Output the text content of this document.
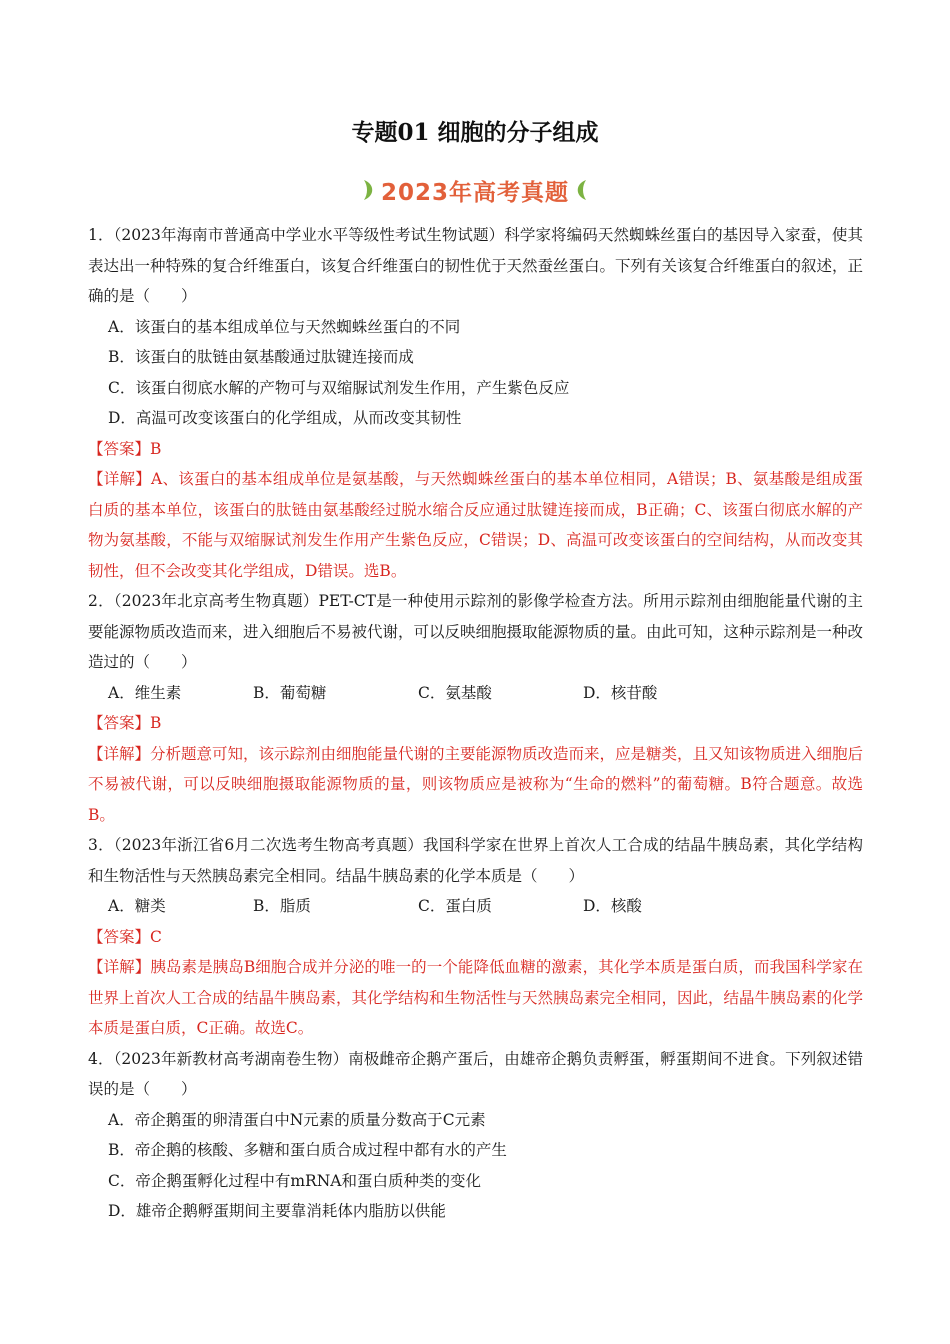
专题01 细胞的分子组成
2023年高考真题

1．（2023年海南市普通高中学业水平等级性考试生物试题）科学家将编码天然蜘蛛丝蛋白的基因导入家蚕，使其表达出一种特殊的复合纤维蛋白，该复合纤维蛋白的韧性优于天然蚕丝蛋白。下列有关该复合纤维蛋白的叙述，正确的是（　　）

A．该蛋白的基本组成单位与天然蜘蛛丝蛋白的不同

B．该蛋白的肽链由氨基酸通过肽键连接而成

C．该蛋白彻底水解的产物可与双缩脲试剂发生作用，产生紫色反应

D．高温可改变该蛋白的化学组成，从而改变其韧性

【答案】B

【详解】A、该蛋白的基本组成单位是氨基酸，与天然蜘蛛丝蛋白的基本单位相同，A错误；B、氨基酸是组成蛋白质的基本单位，该蛋白的肽链由氨基酸经过脱水缩合反应通过肽键连接而成，B正确；C、该蛋白彻底水解的产物为氨基酸，不能与双缩脲试剂发生作用产生紫色反应，C错误；D、高温可改变该蛋白的空间结构，从而改变其韧性，但不会改变其化学组成，D错误。选B。

2．（2023年北京高考生物真题）PET-CT是一种使用示踪剂的影像学检查方法。所用示踪剂由细胞能量代谢的主要能源物质改造而来，进入细胞后不易被代谢，可以反映细胞摄取能源物质的量。由此可知，这种示踪剂是一种改造过的（　　）

A．维生素	B．葡萄糖	C．氨基酸	D．核苷酸

【答案】B

【详解】分析题意可知，该示踪剂由细胞能量代谢的主要能源物质改造而来，应是糖类，且又知该物质进入细胞后不易被代谢，可以反映细胞摄取能源物质的量，则该物质应是被称为“生命的燃料”的葡萄糖。B符合题意。故选B。

3．（2023年浙江省6月二次选考生物高考真题）我国科学家在世界上首次人工合成的结晶牛胰岛素，其化学结构和生物活性与天然胰岛素完全相同。结晶牛胰岛素的化学本质是（　　）

A．糖类	B．脂质	C．蛋白质	D．核酸

【答案】C

【详解】胰岛素是胰岛B细胞合成并分泌的唯一的一个能降低血糖的激素，其化学本质是蛋白质，而我国科学家在世界上首次人工合成的结晶牛胰岛素，其化学结构和生物活性与天然胰岛素完全相同，因此，结晶牛胰岛素的化学本质是蛋白质，C正确。故选C。

4．（2023年新教材高考湖南卷生物）南极雌帝企鹅产蛋后，由雄帝企鹅负责孵蛋，孵蛋期间不进食。下列叙述错误的是（　　）

A．帝企鹅蛋的卵清蛋白中N元素的质量分数高于C元素

B．帝企鹅的核酸、多糖和蛋白质合成过程中都有水的产生

C．帝企鹅蛋孵化过程中有mRNA和蛋白质种类的变化

D．雄帝企鹅孵蛋期间主要靠消耗体内脂肪以供能
